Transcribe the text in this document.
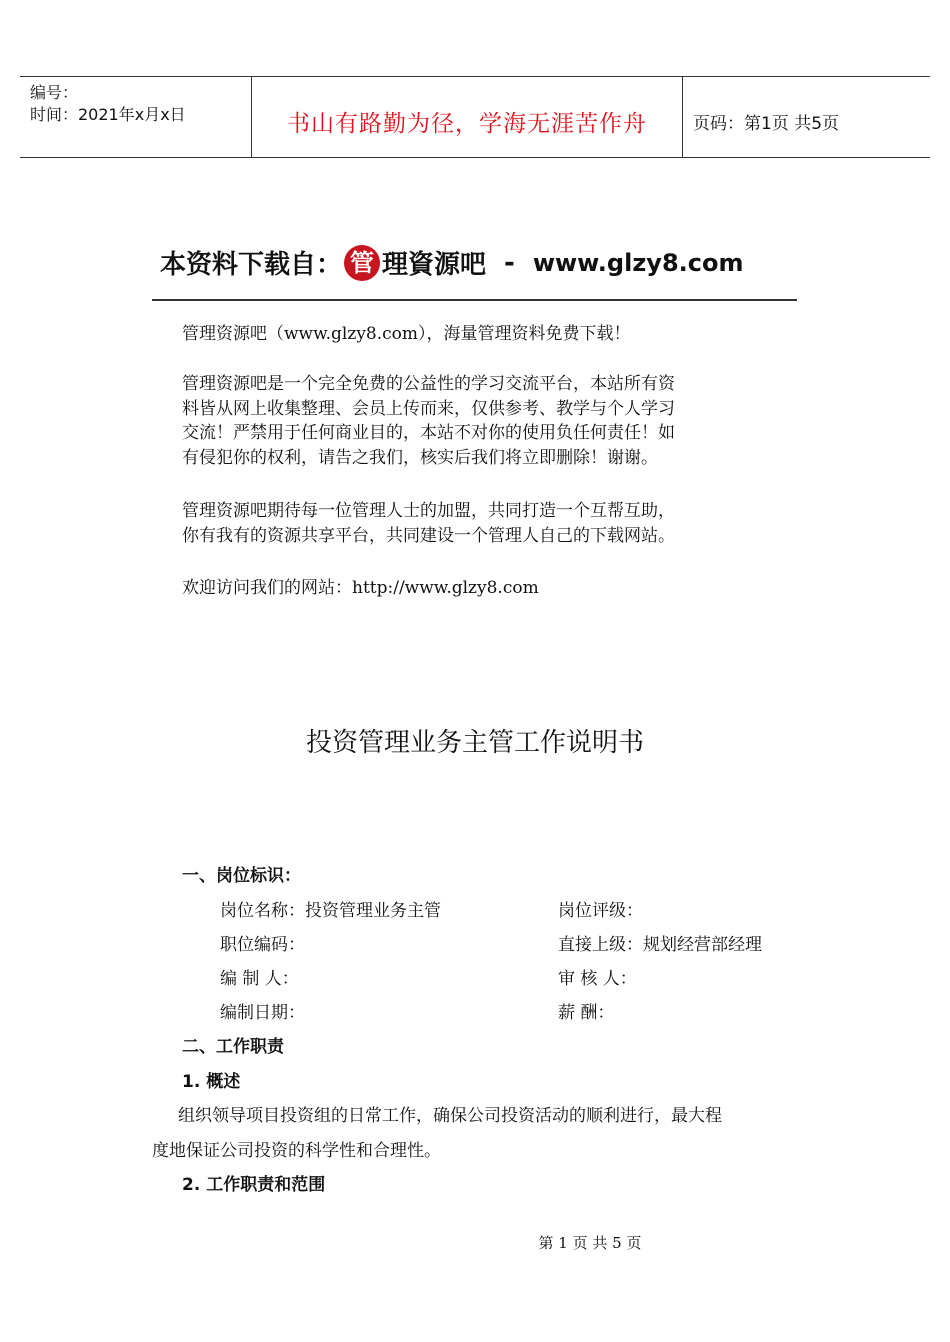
编号：
时间：2021年x月x日	书山有路勤为径，学海无涯苦作舟	页码：第1页 共5页
本资料下载自： 管 理資源吧 - www.glzy8.com

管理资源吧（www.glzy8.com），海量管理资料免费下载！

管理资源吧是一个完全免费的公益性的学习交流平台，本站所有资

料皆从网上收集整理、会员上传而来，仅供参考、教学与个人学习

交流！严禁用于任何商业目的，本站不对你的使用负任何责任！如

有侵犯你的权利，请告之我们，核实后我们将立即删除！谢谢。

管理资源吧期待每一位管理人士的加盟，共同打造一个互帮互助，

你有我有的资源共享平台，共同建设一个管理人自己的下载网站。

欢迎访问我们的网站：http://www.glzy8.com

投资管理业务主管工作说明书
一、岗位标识：
岗位名称：投资管理业务主管	岗位评级：
职位编码：	直接上级：规划经营部经理
编 制 人：	审 核 人：
编制日期：	薪 酬：
二、工作职责
1. 概述
组织领导项目投资组的日常工作，确保公司投资活动的顺利进行，最大程
度地保证公司投资的科学性和合理性。
2. 工作职责和范围
第 1 页 共 5 页
